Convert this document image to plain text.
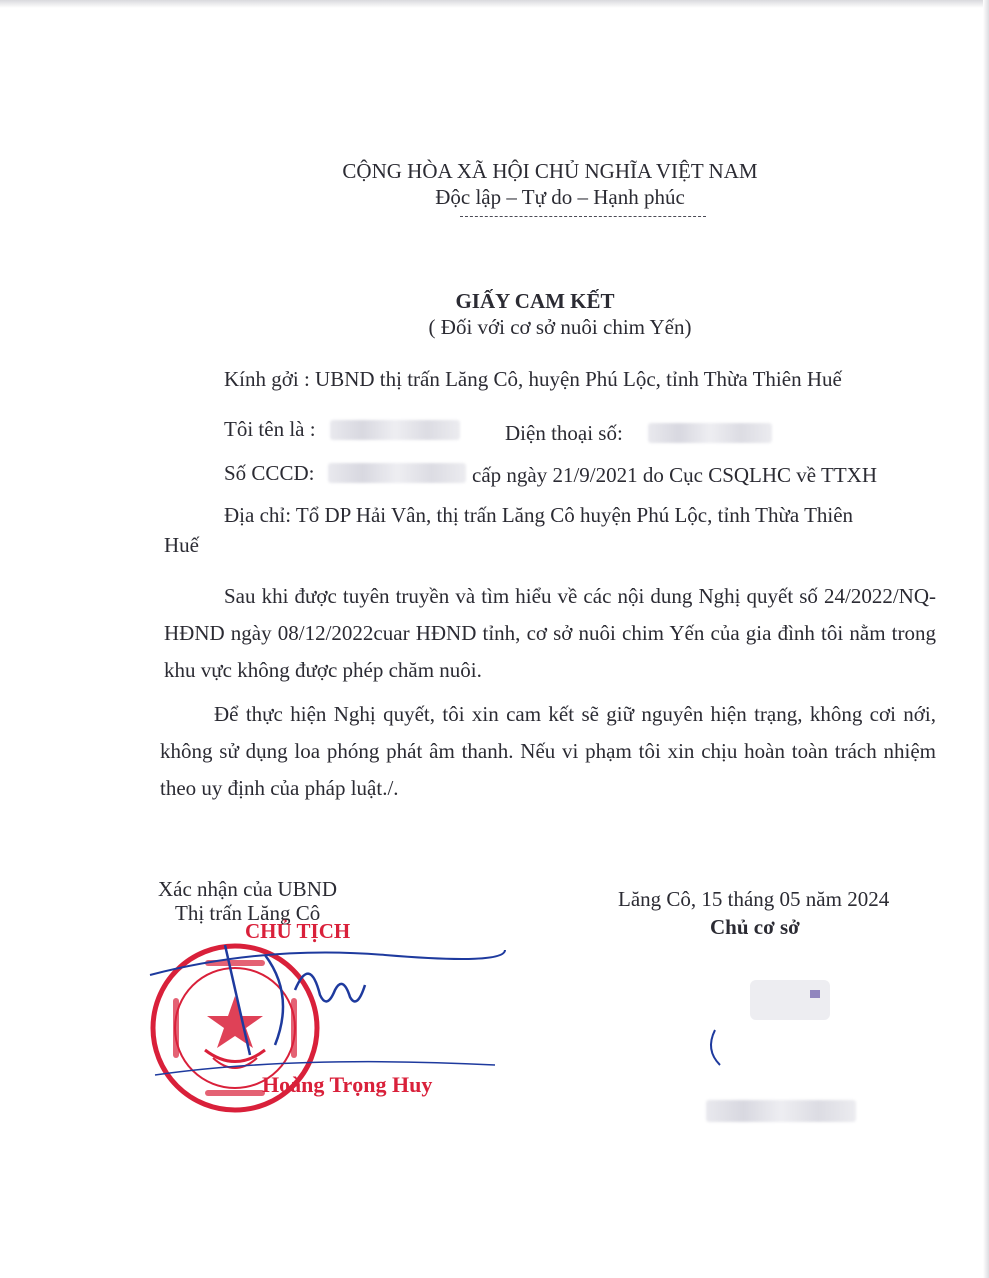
CỘNG HÒA XÃ HỘI CHỦ NGHĨA VIỆT NAM
Độc lập – Tự do – Hạnh phúc
GIẤY CAM KẾT
( Đối với cơ sở nuôi chim Yến)
Kính gởi : UBND thị trấn Lăng Cô, huyện Phú Lộc, tỉnh Thừa Thiên Huế
Tôi tên là :	Diện thoại số:
Số CCCD:	cấp ngày 21/9/2021 do Cục CSQLHC về TTXH
Địa chỉ: Tổ DP Hải Vân, thị trấn Lăng Cô huyện Phú Lộc, tỉnh Thừa Thiên
Huế
Sau khi được tuyên truyền và tìm hiểu về các nội dung Nghị quyết số 24/2022/NQ-HĐND ngày 08/12/2022cuar HĐND tỉnh, cơ sở nuôi chim Yến của gia đình tôi nằm trong khu vực không được phép chăm nuôi.
Để thực hiện Nghị quyết, tôi xin cam kết sẽ giữ nguyên hiện trạng, không cơi nới, không sử dụng loa phóng phát âm thanh. Nếu vi phạm tôi xin chịu hoàn toàn trách nhiệm theo uy định của pháp luật./.
Xác nhận của UBND
Thị trấn Lăng Cô
CHỦ TỊCH
Hoàng Trọng Huy
Lăng Cô, 15 tháng 05 năm 2024
Chủ cơ sở
